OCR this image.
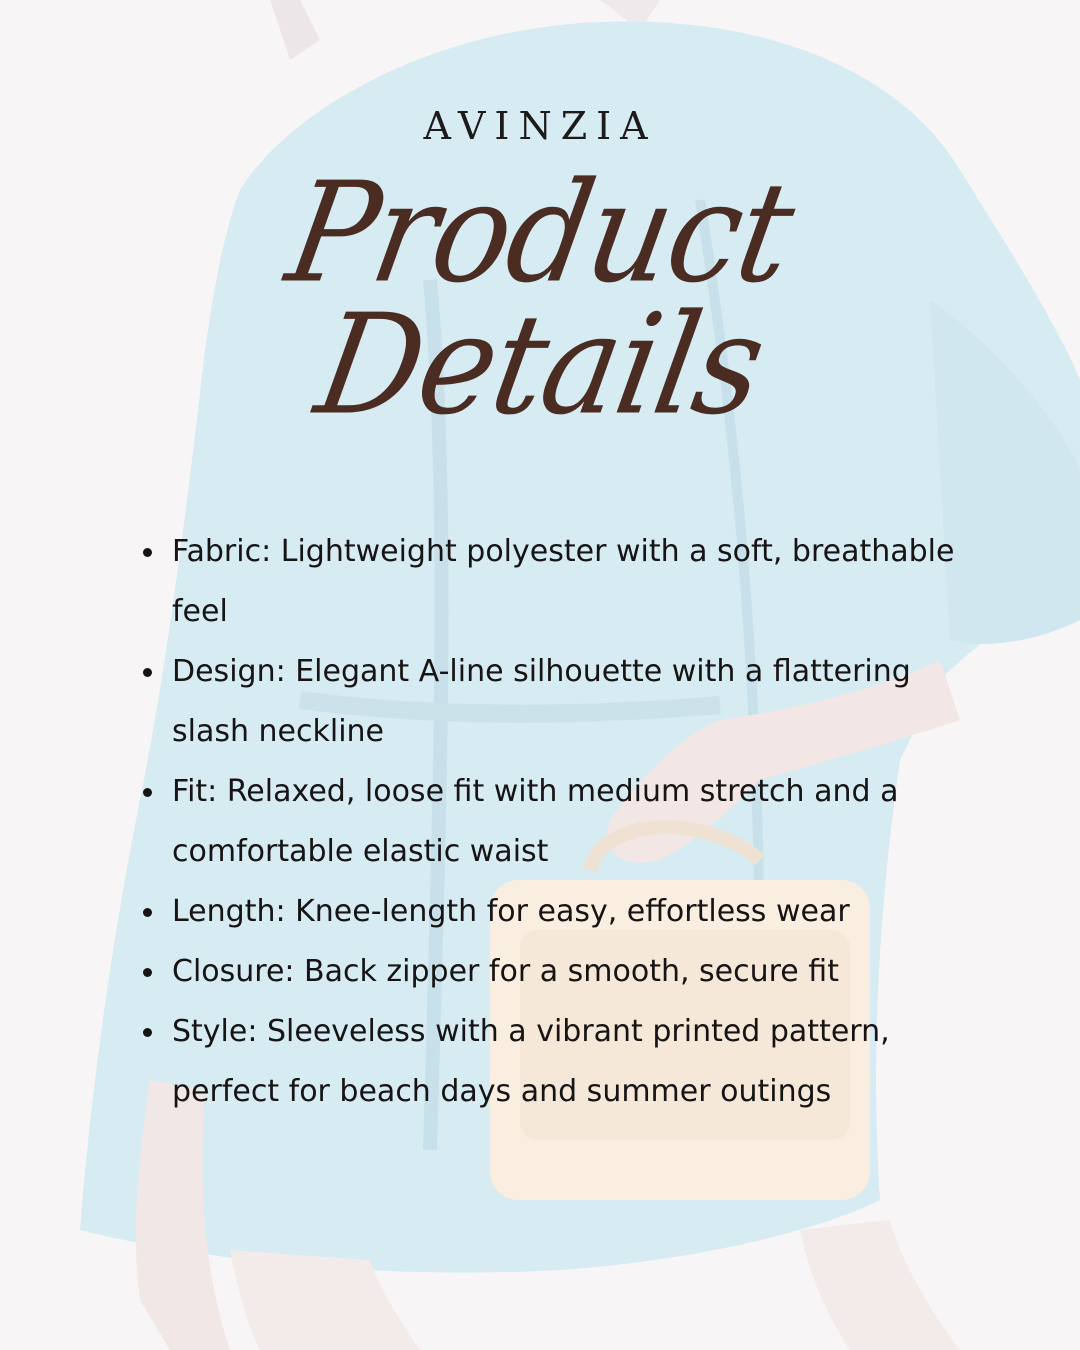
AVINZIA
Product
Details
Fabric: Lightweight polyester with a soft, breathable feel
Design: Elegant A-line silhouette with a flattering slash neckline
Fit: Relaxed, loose fit with medium stretch and a comfortable elastic waist
Length: Knee-length for easy, effortless wear
Closure: Back zipper for a smooth, secure fit
Style: Sleeveless with a vibrant printed pattern, perfect for beach days and summer outings
